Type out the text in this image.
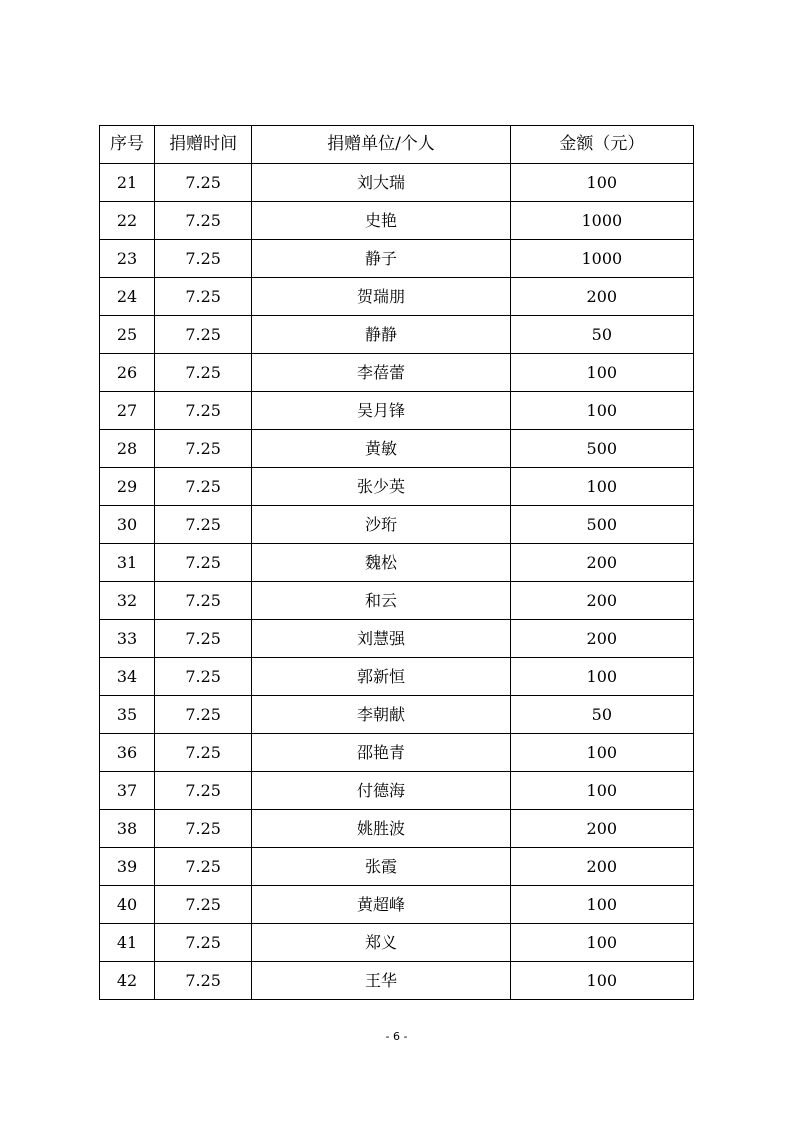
序号	捐赠时间	捐赠单位/个人	金额（元）
21	7.25	刘大瑞	100
22	7.25	史艳	1000
23	7.25	静子	1000
24	7.25	贺瑞朋	200
25	7.25	静静	50
26	7.25	李蓓蕾	100
27	7.25	吴月锋	100
28	7.25	黄敏	500
29	7.25	张少英	100
30	7.25	沙珩	500
31	7.25	魏松	200
32	7.25	和云	200
33	7.25	刘慧强	200
34	7.25	郭新恒	100
35	7.25	李朝献	50
36	7.25	邵艳青	100
37	7.25	付德海	100
38	7.25	姚胜波	200
39	7.25	张霞	200
40	7.25	黄超峰	100
41	7.25	郑义	100
42	7.25	王华	100
- 6 -
